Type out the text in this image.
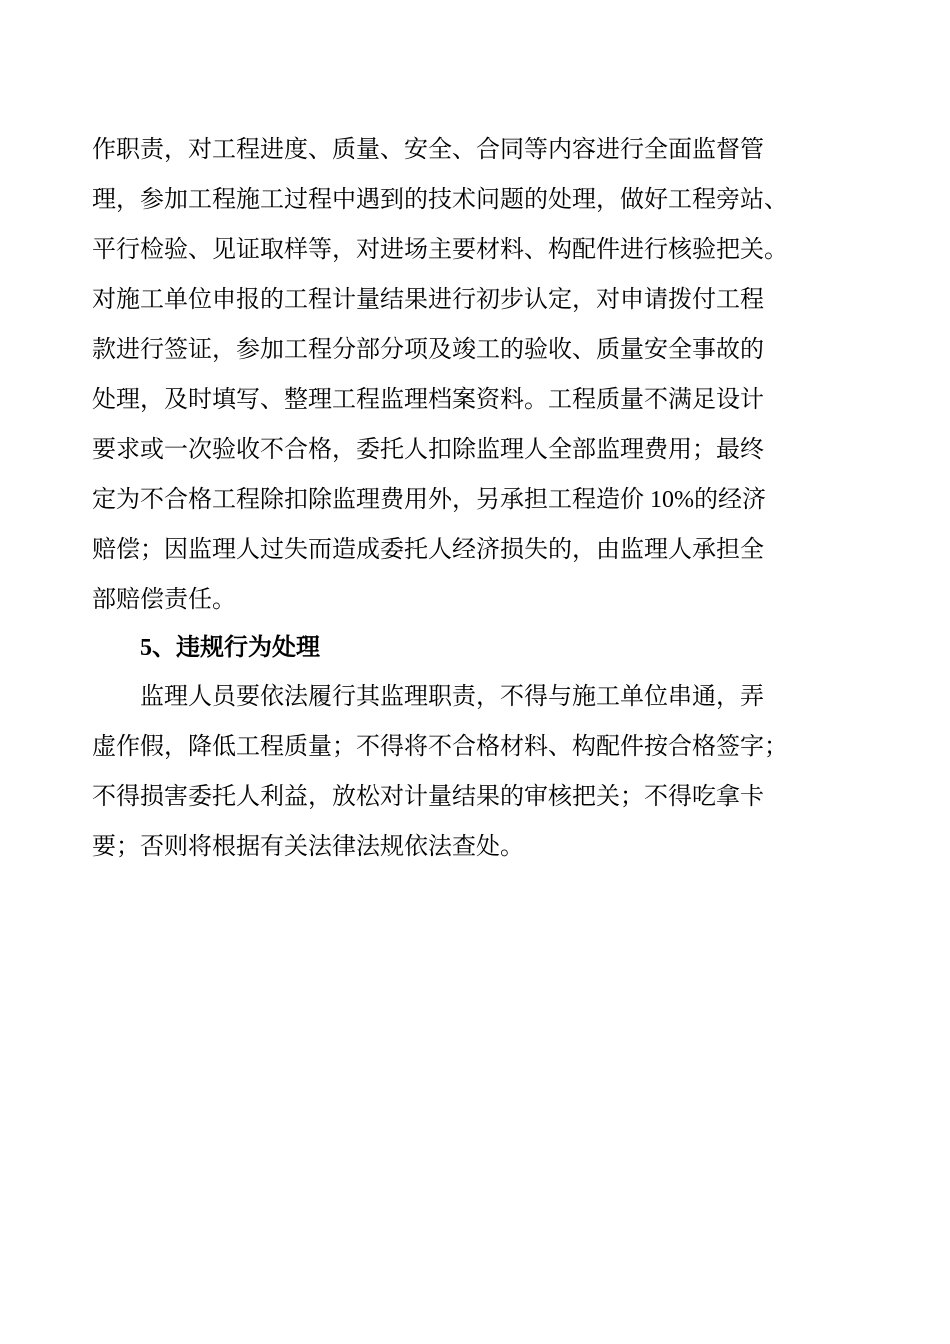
作职责，对工程进度、质量、安全、合同等内容进行全面监督管
理，参加工程施工过程中遇到的技术问题的处理，做好工程旁站、
平行检验、见证取样等，对进场主要材料、构配件进行核验把关。
对施工单位申报的工程计量结果进行初步认定，对申请拨付工程
款进行签证，参加工程分部分项及竣工的验收、质量安全事故的
处理，及时填写、整理工程监理档案资料。工程质量不满足设计
要求或一次验收不合格，委托人扣除监理人全部监理费用；最终
定为不合格工程除扣除监理费用外，另承担工程造价 10%的经济
赔偿；因监理人过失而造成委托人经济损失的，由监理人承担全
部赔偿责任。
5、违规行为处理
监理人员要依法履行其监理职责，不得与施工单位串通，弄
虚作假，降低工程质量；不得将不合格材料、构配件按合格签字；
不得损害委托人利益，放松对计量结果的审核把关；不得吃拿卡
要；否则将根据有关法律法规依法查处。
